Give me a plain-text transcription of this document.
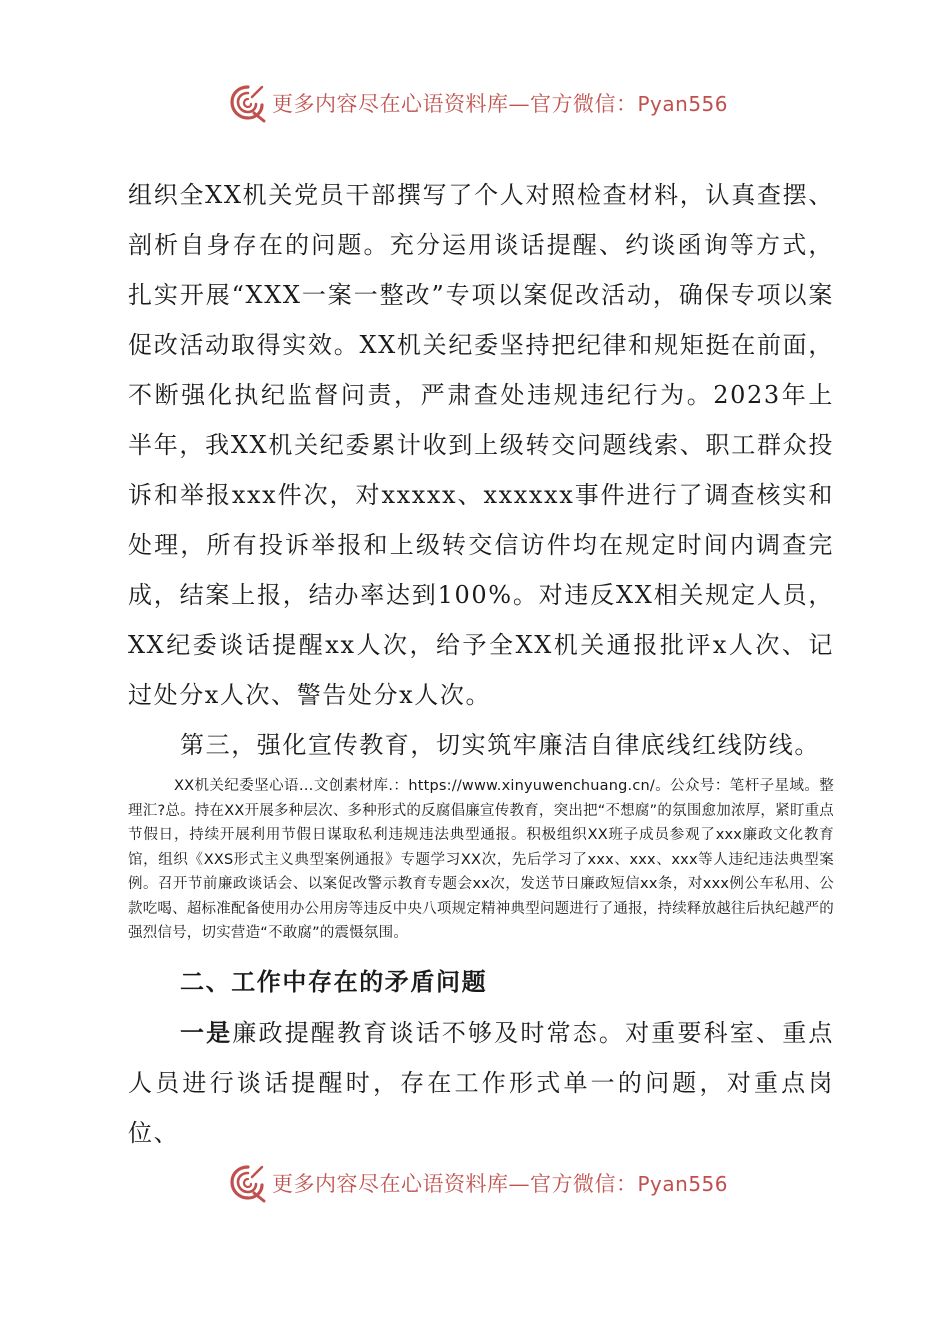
更多内容尽在心语资料库—官方微信：Pyan556

组织全XX机关党员干部撰写了个人对照检查材料，认真查摆、剖析自身存在的问题。充分运用谈话提醒、约谈函询等方式，扎实开展“XXX一案一整改”专项以案促改活动，确保专项以案促改活动取得实效。XX机关纪委坚持把纪律和规矩挺在前面，不断强化执纪监督问责，严肃查处违规违纪行为。2023年上半年，我XX机关纪委累计收到上级转交问题线索、职工群众投诉和举报xxx件次，对xxxxx、xxxxxx事件进行了调查核实和处理，所有投诉举报和上级转交信访件均在规定时间内调查完成，结案上报，结办率达到100%。对违反XX相关规定人员，XX纪委谈话提醒xx人次，给予全XX机关通报批评x人次、记过处分x人次、警告处分x人次。

第三，强化宣传教育，切实筑牢廉洁自律底线红线防线。

XX机关纪委坚心语…文创素材库.：https://www.xinyuwenchuang.cn/。公众号：笔杆子星域。整理汇?总。持在XX开展多种层次、多种形式的反腐倡廉宣传教育，突出把“不想腐”的氛围愈加浓厚，紧盯重点节假日，持续开展利用节假日谋取私利违规违法典型通报。积极组织XX班子成员参观了xxx廉政文化教育馆，组织《XXS形式主义典型案例通报》专题学习XX次，先后学习了xxx、xxx、xxx等人违纪违法典型案例。召开节前廉政谈话会、以案促改警示教育专题会xx次，发送节日廉政短信xx条，对xxx例公车私用、公款吃喝、超标准配备使用办公用房等违反中央八项规定精神典型问题进行了通报，持续释放越往后执纪越严的强烈信号，切实营造“不敢腐”的震慑氛围。

二、工作中存在的矛盾问题

一是廉政提醒教育谈话不够及时常态。对重要科室、重点人员进行谈话提醒时，存在工作形式单一的问题，对重点岗位、

更多内容尽在心语资料库—官方微信：Pyan556
